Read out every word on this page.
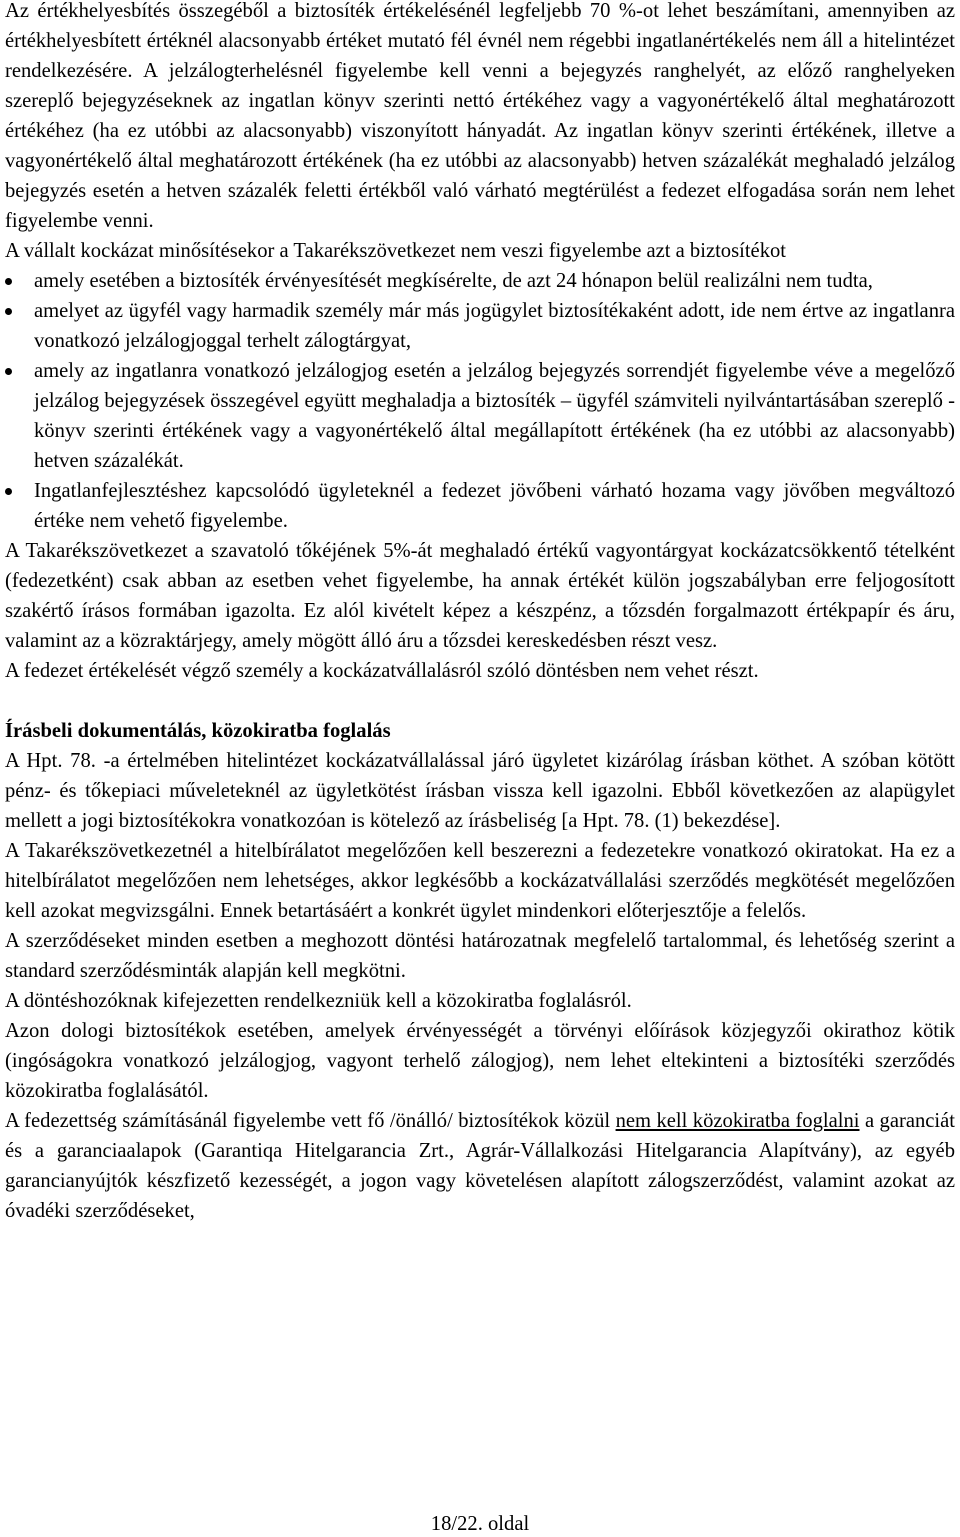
Az értékhelyesbítés összegéből a biztosíték értékelésénél legfeljebb 70 %-ot lehet beszámítani, amennyiben az értékhelyesbített értéknél alacsonyabb értéket mutató fél évnél nem régebbi ingatlanértékelés nem áll a hitelintézet rendelkezésére. A jelzálogterhelésnél figyelembe kell venni a bejegyzés ranghelyét, az előző ranghelyeken szereplő bejegyzéseknek az ingatlan könyv szerinti nettó értékéhez vagy a vagyonértékelő által meghatározott értékéhez (ha ez utóbbi az alacsonyabb) viszonyított hányadát. Az ingatlan könyv szerinti értékének, illetve a vagyonértékelő által meghatározott értékének (ha ez utóbbi az alacsonyabb) hetven százalékát meghaladó jelzálog bejegyzés esetén a hetven százalék feletti értékből való várható megtérülést a fedezet elfogadása során nem lehet figyelembe venni.

A vállalt kockázat minősítésekor a Takarékszövetkezet nem veszi figyelembe azt a biztosítékot

amely esetében a biztosíték érvényesítését megkísérelte, de azt 24 hónapon belül realizálni nem tudta,
amelyet az ügyfél vagy harmadik személy már más jogügylet biztosítékaként adott, ide nem értve az ingatlanra vonatkozó jelzálogjoggal terhelt zálogtárgyat,
amely az ingatlanra vonatkozó jelzálogjog esetén a jelzálog bejegyzés sorrendjét figyelembe véve a megelőző jelzálog bejegyzések összegével együtt meghaladja a biztosíték – ügyfél számviteli nyilvántartásában szereplő - könyv szerinti értékének vagy a vagyonértékelő által megállapított értékének (ha ez utóbbi az alacsonyabb) hetven százalékát.
Ingatlanfejlesztéshez kapcsolódó ügyleteknél a fedezet jövőbeni várható hozama vagy jövőben megváltozó értéke nem vehető figyelembe.

A Takarékszövetkezet a szavatoló tőkéjének 5%-át meghaladó értékű vagyontárgyat kockázatcsökkentő tételként (fedezetként) csak abban az esetben vehet figyelembe, ha annak értékét külön jogszabályban erre feljogosított szakértő írásos formában igazolta. Ez alól kivételt képez a készpénz, a tőzsdén forgalmazott értékpapír és áru, valamint az a közraktárjegy, amely mögött álló áru a tőzsdei kereskedésben részt vesz.

A fedezet értékelését végző személy a kockázatvállalásról szóló döntésben nem vehet részt.

Írásbeli dokumentálás, közokiratba foglalás

A Hpt. 78. -a értelmében hitelintézet kockázatvállalással járó ügyletet kizárólag írásban köthet. A szóban kötött pénz- és tőkepiaci műveleteknél az ügyletkötést írásban vissza kell igazolni. Ebből következően az alapügylet mellett a jogi biztosítékokra vonatkozóan is kötelező az írásbeliség [a Hpt. 78. (1) bekezdése].

A Takarékszövetkezetnél a hitelbírálatot megelőzően kell beszerezni a fedezetekre vonatkozó okiratokat. Ha ez a hitelbírálatot megelőzően nem lehetséges, akkor legkésőbb a kockázatvállalási szerződés megkötését megelőzően kell azokat megvizsgálni. Ennek betartásáért a konkrét ügylet mindenkori előterjesztője a felelős.

A szerződéseket minden esetben a meghozott döntési határozatnak megfelelő tartalommal, és lehetőség szerint a standard szerződésminták alapján kell megkötni.

A döntéshozóknak kifejezetten rendelkezniük kell a közokiratba foglalásról.

Azon dologi biztosítékok esetében, amelyek érvényességét a törvényi előírások közjegyzői okirathoz kötik (ingóságokra vonatkozó jelzálogjog, vagyont terhelő zálogjog), nem lehet eltekinteni a biztosítéki szerződés közokiratba foglalásától.

A fedezettség számításánál figyelembe vett fő /önálló/ biztosítékok közül nem kell közokiratba foglalni a garanciát és a garanciaalapok (Garantiqa Hitelgarancia Zrt., Agrár-Vállalkozási Hitelgarancia Alapítvány), az egyéb garancianyújtók készfizető kezességét, a jogon vagy követelésen alapított zálogszerződést, valamint azokat az óvadéki szerződéseket,

18/22. oldal
